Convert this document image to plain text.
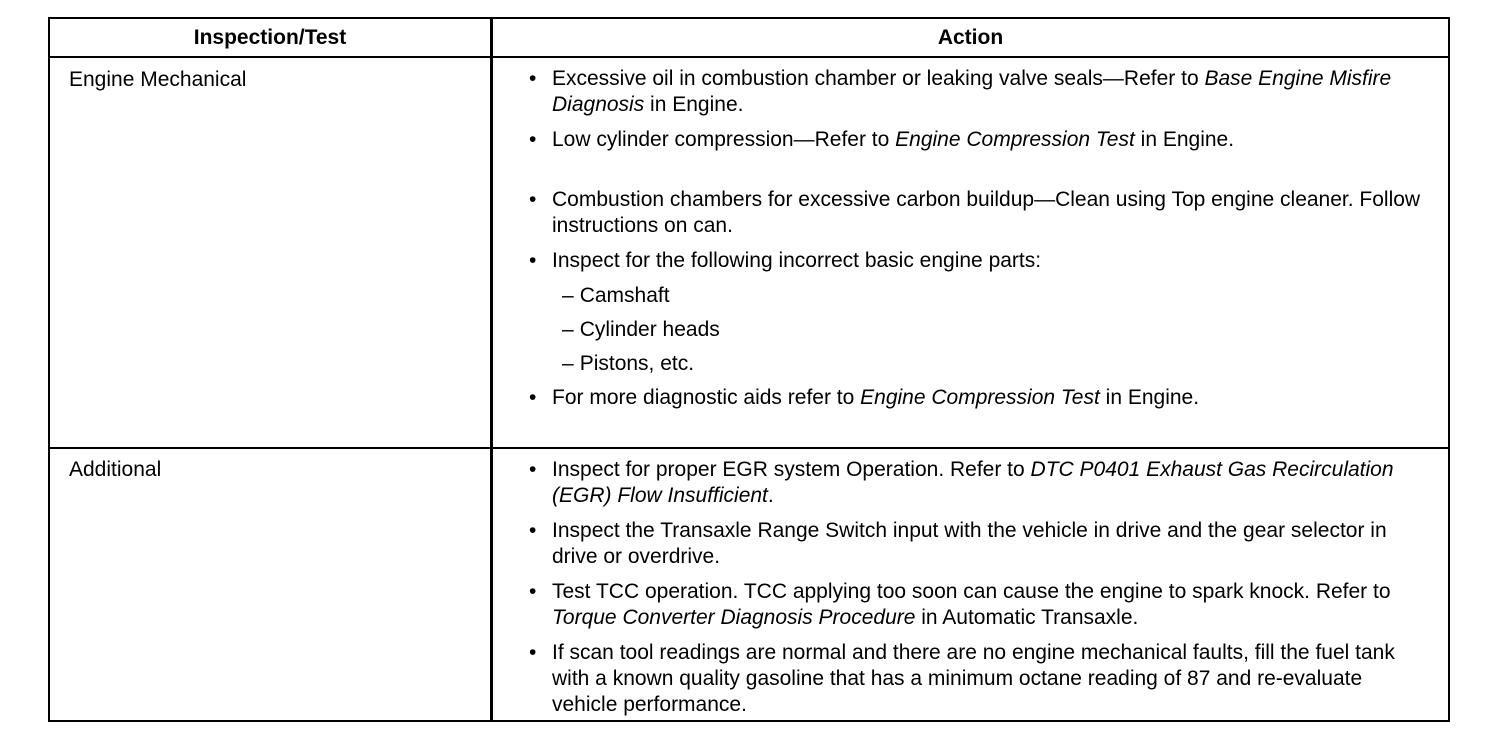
Inspection/Test	Action
Engine Mechanical	• Excessive oil in combustion chamber or leaking valve seals—Refer to Base Engine Misfire Diagnosis in Engine.
• Low cylinder compression—Refer to Engine Compression Test in Engine.
• Combustion chambers for excessive carbon buildup—Clean using Top engine cleaner. Follow instructions on can.
• Inspect for the following incorrect basic engine parts:
– Camshaft
– Cylinder heads
– Pistons, etc.
• For more diagnostic aids refer to Engine Compression Test in Engine.
Additional	• Inspect for proper EGR system Operation. Refer to DTC P0401 Exhaust Gas Recirculation (EGR) Flow Insufficient.
• Inspect the Transaxle Range Switch input with the vehicle in drive and the gear selector in drive or overdrive.
• Test TCC operation. TCC applying too soon can cause the engine to spark knock. Refer to Torque Converter Diagnosis Procedure in Automatic Transaxle.
• If scan tool readings are normal and there are no engine mechanical faults, fill the fuel tank with a known quality gasoline that has a minimum octane reading of 87 and re-evaluate vehicle performance.
